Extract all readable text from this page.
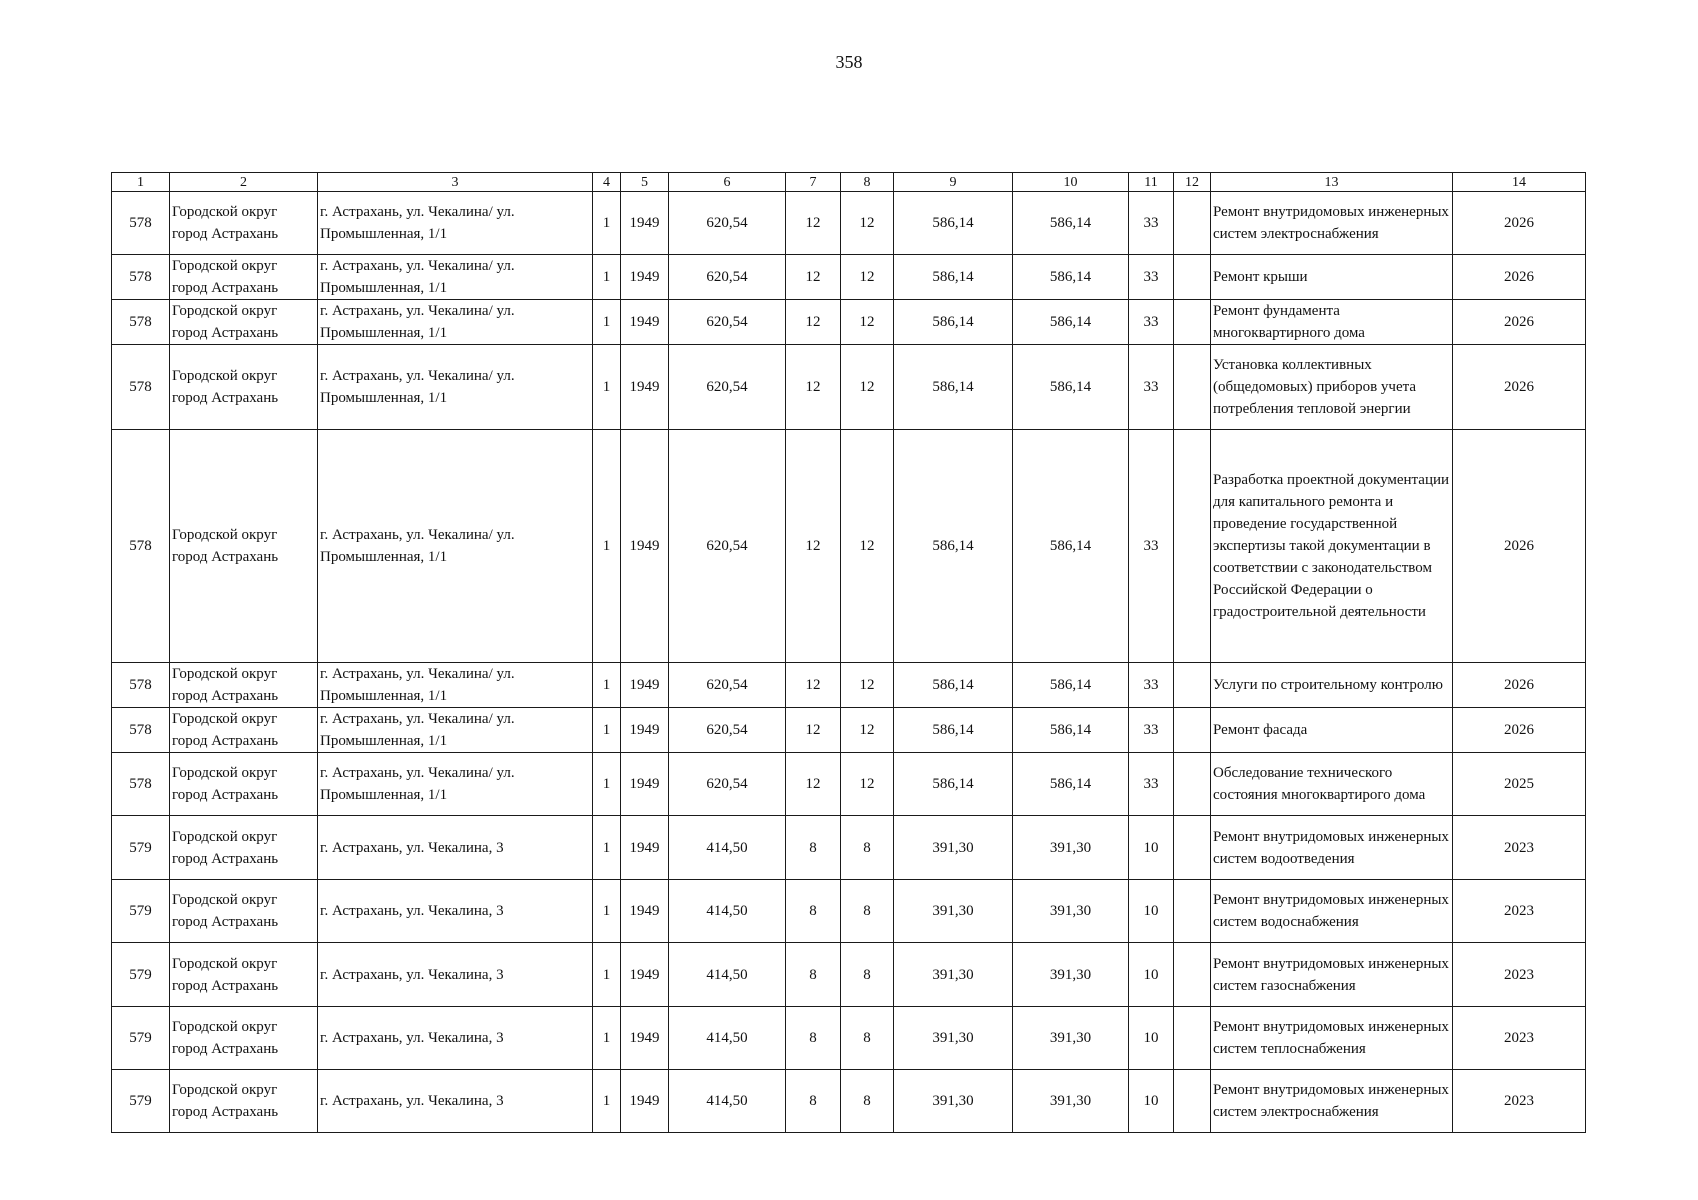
358
1	2	3	4	5	6	7	8	9	10	11	12	13	14
578	Городской округ город Астрахань	г. Астрахань, ул. Чекалина/ ул. Промышленная, 1/1	1	1949	620,54	12	12	586,14	586,14	33		Ремонт внутридомовых инженерных систем электроснабжения	2026
578	Городской округ город Астрахань	г. Астрахань, ул. Чекалина/ ул. Промышленная, 1/1	1	1949	620,54	12	12	586,14	586,14	33		Ремонт крыши	2026
578	Городской округ город Астрахань	г. Астрахань, ул. Чекалина/ ул. Промышленная, 1/1	1	1949	620,54	12	12	586,14	586,14	33		Ремонт фундамента многоквартирного дома	2026
578	Городской округ город Астрахань	г. Астрахань, ул. Чекалина/ ул. Промышленная, 1/1	1	1949	620,54	12	12	586,14	586,14	33		Установка коллективных (общедомовых) приборов учета потребления тепловой энергии	2026
578	Городской округ город Астрахань	г. Астрахань, ул. Чекалина/ ул. Промышленная, 1/1	1	1949	620,54	12	12	586,14	586,14	33		Разработка проектной документации для капитального ремонта и проведение государственной экспертизы такой документации в соответствии с законодательством Российской Федерации о градостроительной деятельности	2026
578	Городской округ город Астрахань	г. Астрахань, ул. Чекалина/ ул. Промышленная, 1/1	1	1949	620,54	12	12	586,14	586,14	33		Услуги по строительному контролю	2026
578	Городской округ город Астрахань	г. Астрахань, ул. Чекалина/ ул. Промышленная, 1/1	1	1949	620,54	12	12	586,14	586,14	33		Ремонт фасада	2026
578	Городской округ город Астрахань	г. Астрахань, ул. Чекалина/ ул. Промышленная, 1/1	1	1949	620,54	12	12	586,14	586,14	33		Обследование технического состояния многоквартирого дома	2025
579	Городской округ город Астрахань	г. Астрахань, ул. Чекалина, 3	1	1949	414,50	8	8	391,30	391,30	10		Ремонт внутридомовых инженерных систем водоотведения	2023
579	Городской округ город Астрахань	г. Астрахань, ул. Чекалина, 3	1	1949	414,50	8	8	391,30	391,30	10		Ремонт внутридомовых инженерных систем водоснабжения	2023
579	Городской округ город Астрахань	г. Астрахань, ул. Чекалина, 3	1	1949	414,50	8	8	391,30	391,30	10		Ремонт внутридомовых инженерных систем газоснабжения	2023
579	Городской округ город Астрахань	г. Астрахань, ул. Чекалина, 3	1	1949	414,50	8	8	391,30	391,30	10		Ремонт внутридомовых инженерных систем теплоснабжения	2023
579	Городской округ город Астрахань	г. Астрахань, ул. Чекалина, 3	1	1949	414,50	8	8	391,30	391,30	10		Ремонт внутридомовых инженерных систем электроснабжения	2023
